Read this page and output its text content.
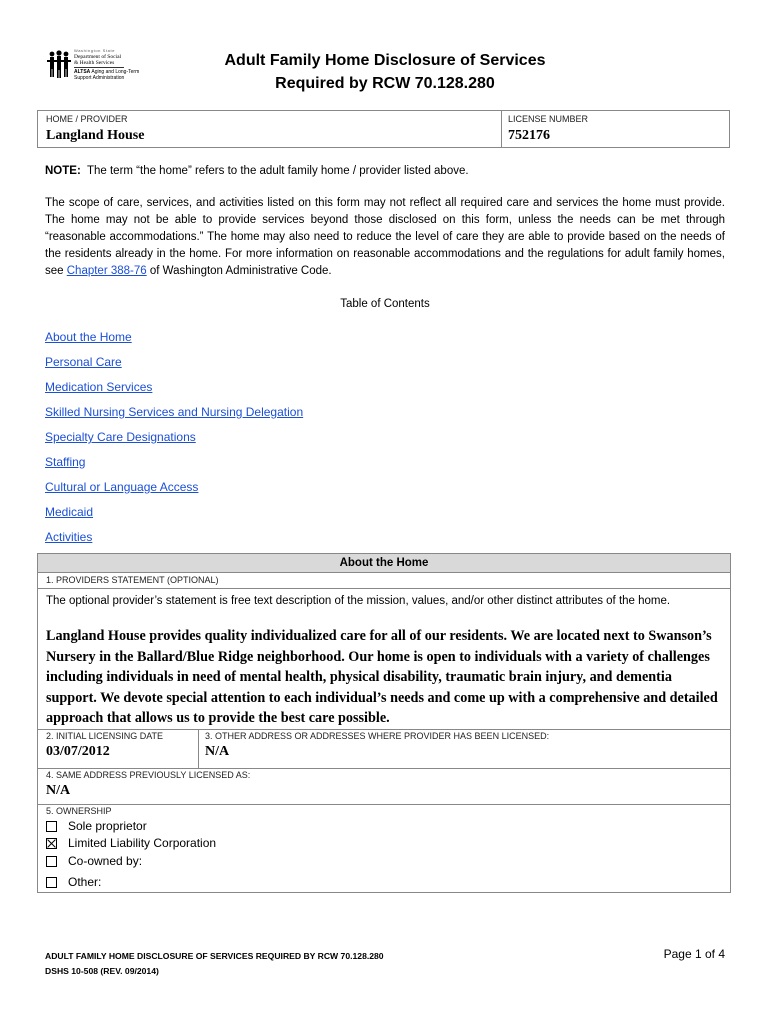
Washington State
Department of Social
& Health Services
ALTSA Aging and Long-Term
Support Administration
Adult Family Home Disclosure of Services
Required by RCW 70.128.280
HOME / PROVIDER
Langland House
LICENSE NUMBER
752176
NOTE: The term “the home” refers to the adult family home / provider listed above.
The scope of care, services, and activities listed on this form may not reflect all required care and services the home must provide. The home may not be able to provide services beyond those disclosed on this form, unless the needs can be met through “reasonable accommodations.” The home may also need to reduce the level of care they are able to provide based on the needs of the residents already in the home. For more information on reasonable accommodations and the regulations for adult family homes, see Chapter 388-76 of Washington Administrative Code.
Table of Contents
About the Home
Personal Care
Medication Services
Skilled Nursing Services and Nursing Delegation
Specialty Care Designations
Staffing
Cultural or Language Access
Medicaid
Activities
About the Home
1. PROVIDERS STATEMENT (OPTIONAL)
The optional provider’s statement is free text description of the mission, values, and/or other distinct attributes of the home.
Langland House provides quality individualized care for all of our residents. We are located next to Swanson’s Nursery in the Ballard/Blue Ridge neighborhood. Our home is open to individuals with a variety of challenges including individuals in need of mental health, physical disability, traumatic brain injury, and dementia support. We devote special attention to each individual’s needs and come up with a comprehensive and detailed approach that allows us to provide the best care possible.
2. INITIAL LICENSING DATE
03/07/2012
3. OTHER ADDRESS OR ADDRESSES WHERE PROVIDER HAS BEEN LICENSED:
N/A
4. SAME ADDRESS PREVIOUSLY LICENSED AS:
N/A
5. OWNERSHIP
Sole proprietor
Limited Liability Corporation
Co-owned by:
Other:
ADULT FAMILY HOME DISCLOSURE OF SERVICES REQUIRED BY RCW 70.128.280
DSHS 10-508 (REV. 09/2014)
Page 1 of 4
